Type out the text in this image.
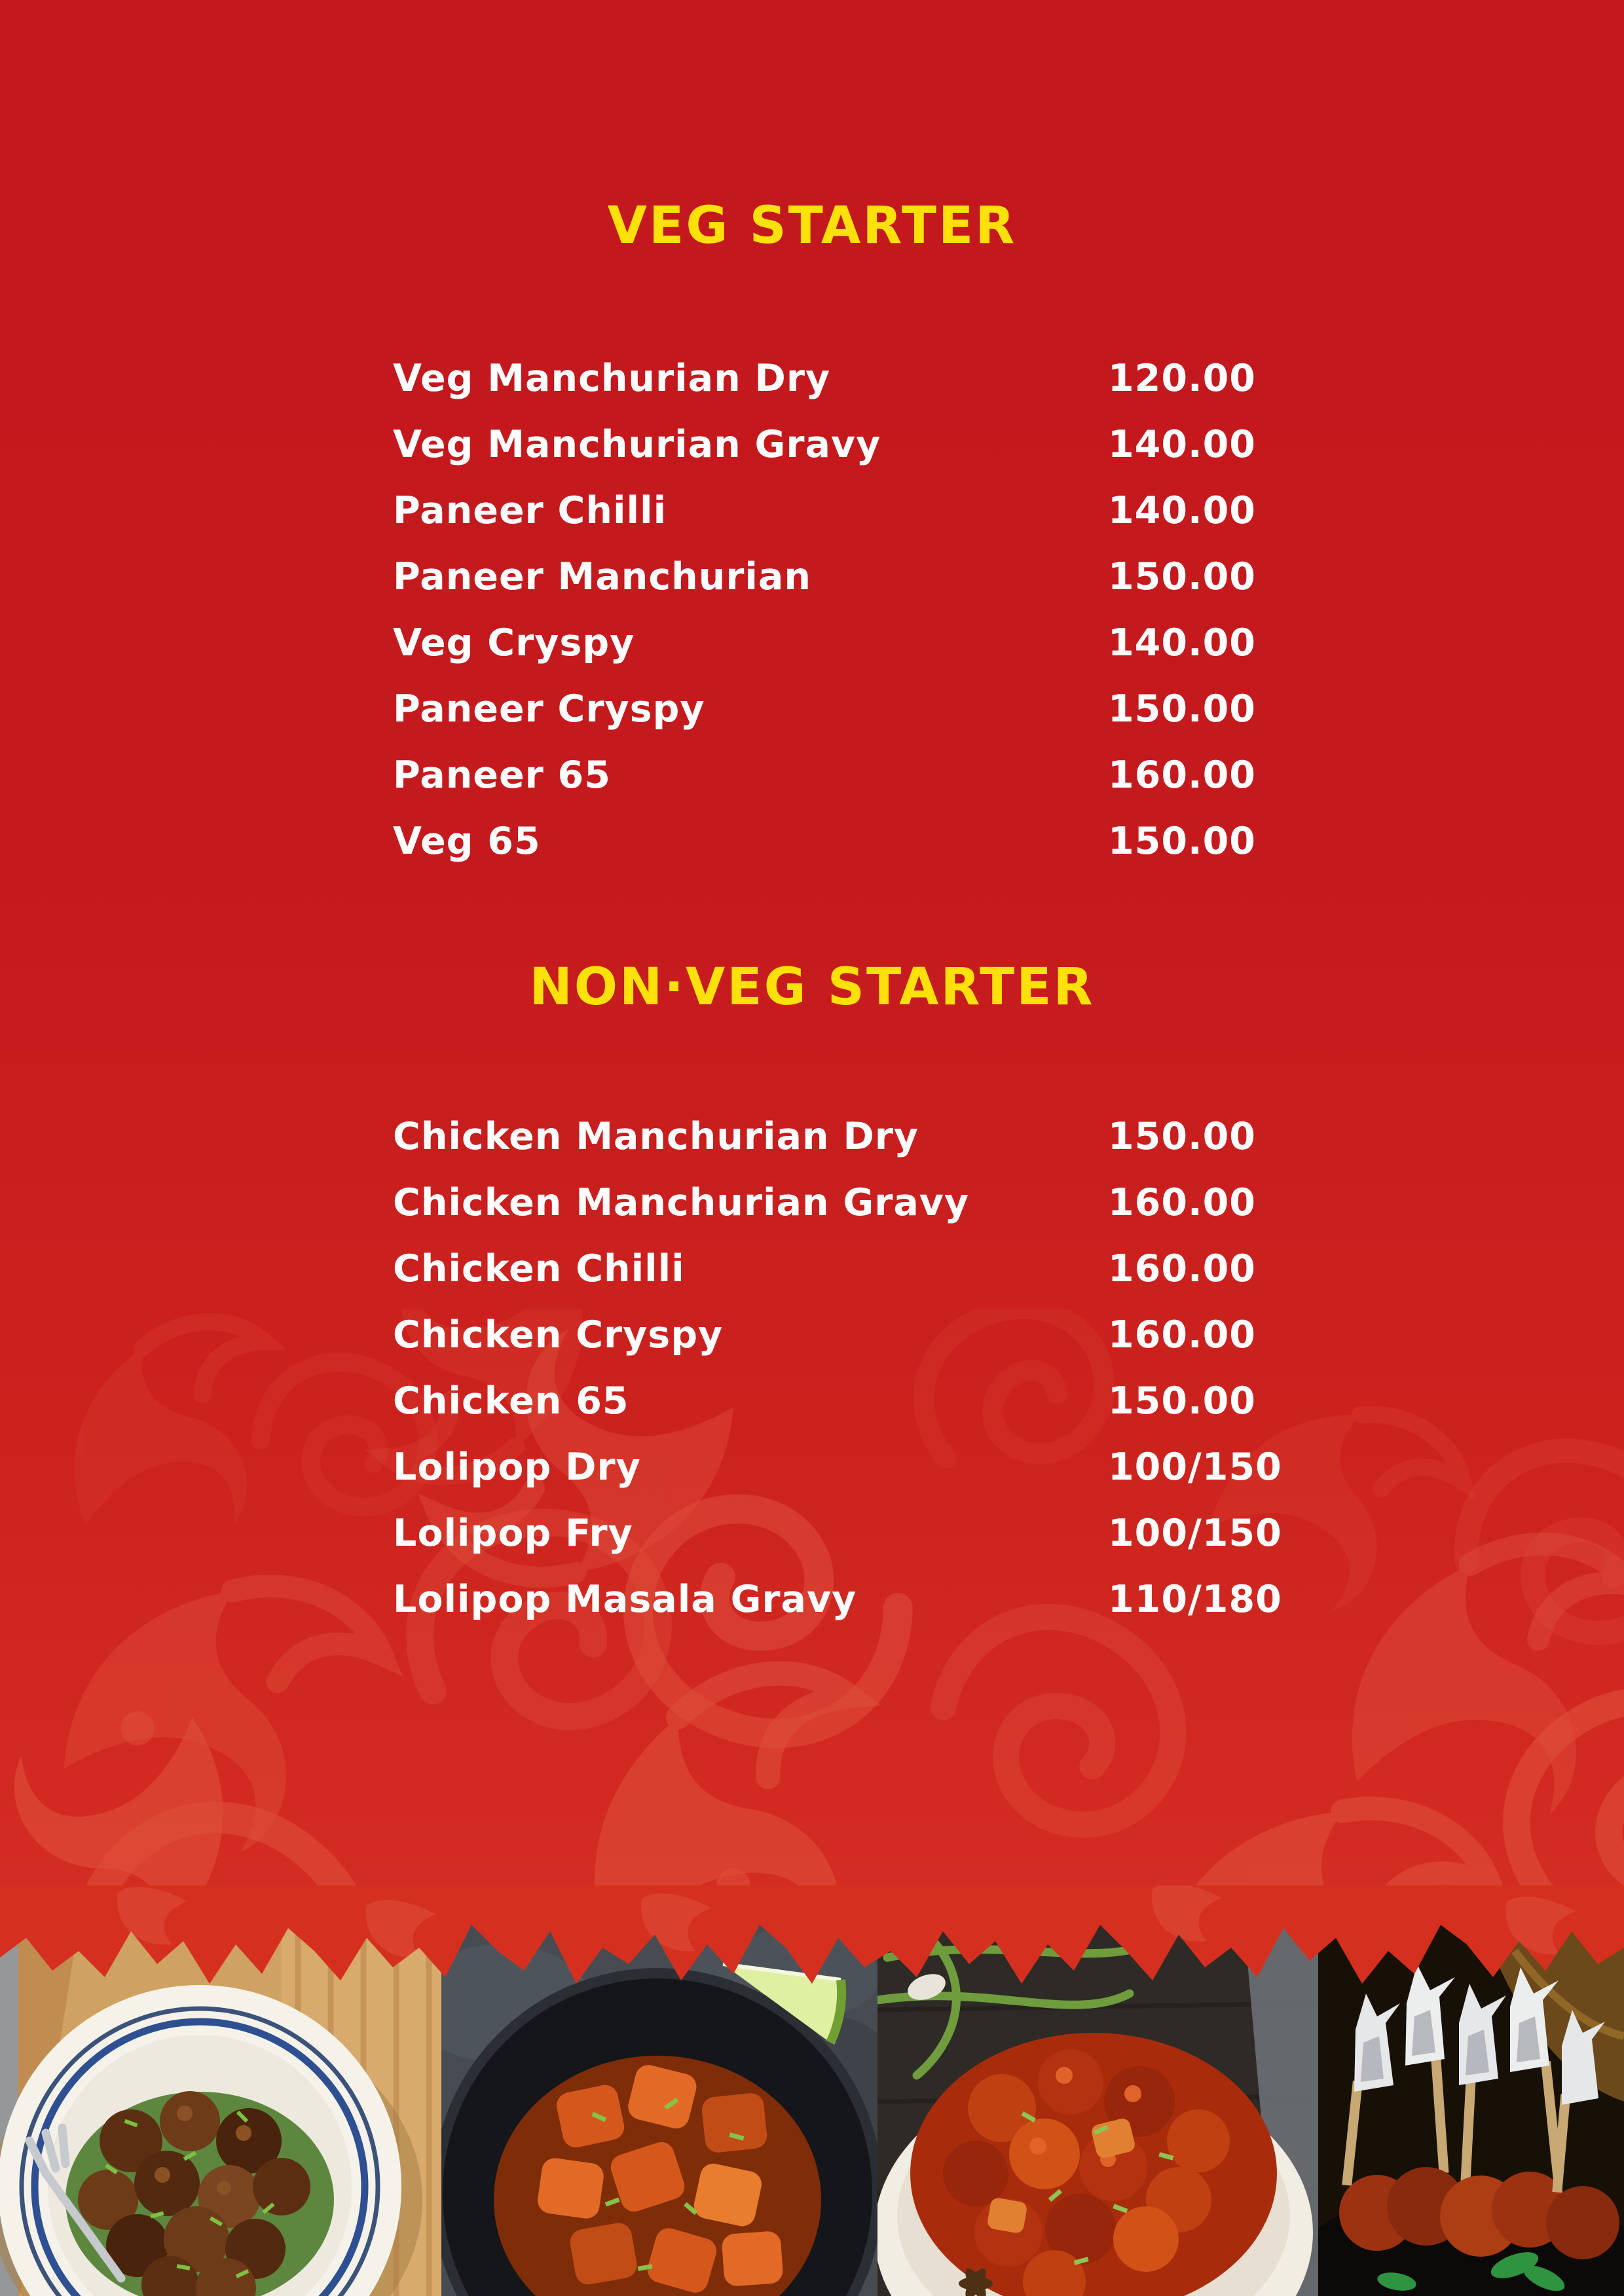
VEG STARTER
Veg Manchurian Dry	120.00
Veg Manchurian Gravy	140.00
Paneer Chilli	140.00
Paneer Manchurian	150.00
Veg Cryspy	140.00
Paneer Cryspy	150.00
Paneer 65	160.00
Veg 65	150.00
NON·VEG STARTER
Chicken Manchurian Dry	150.00
Chicken Manchurian Gravy	160.00
Chicken Chilli	160.00
Chicken Cryspy	160.00
Chicken 65	150.00
Lolipop Dry	100/150
Lolipop Fry	100/150
Lolipop Masala Gravy	110/180
